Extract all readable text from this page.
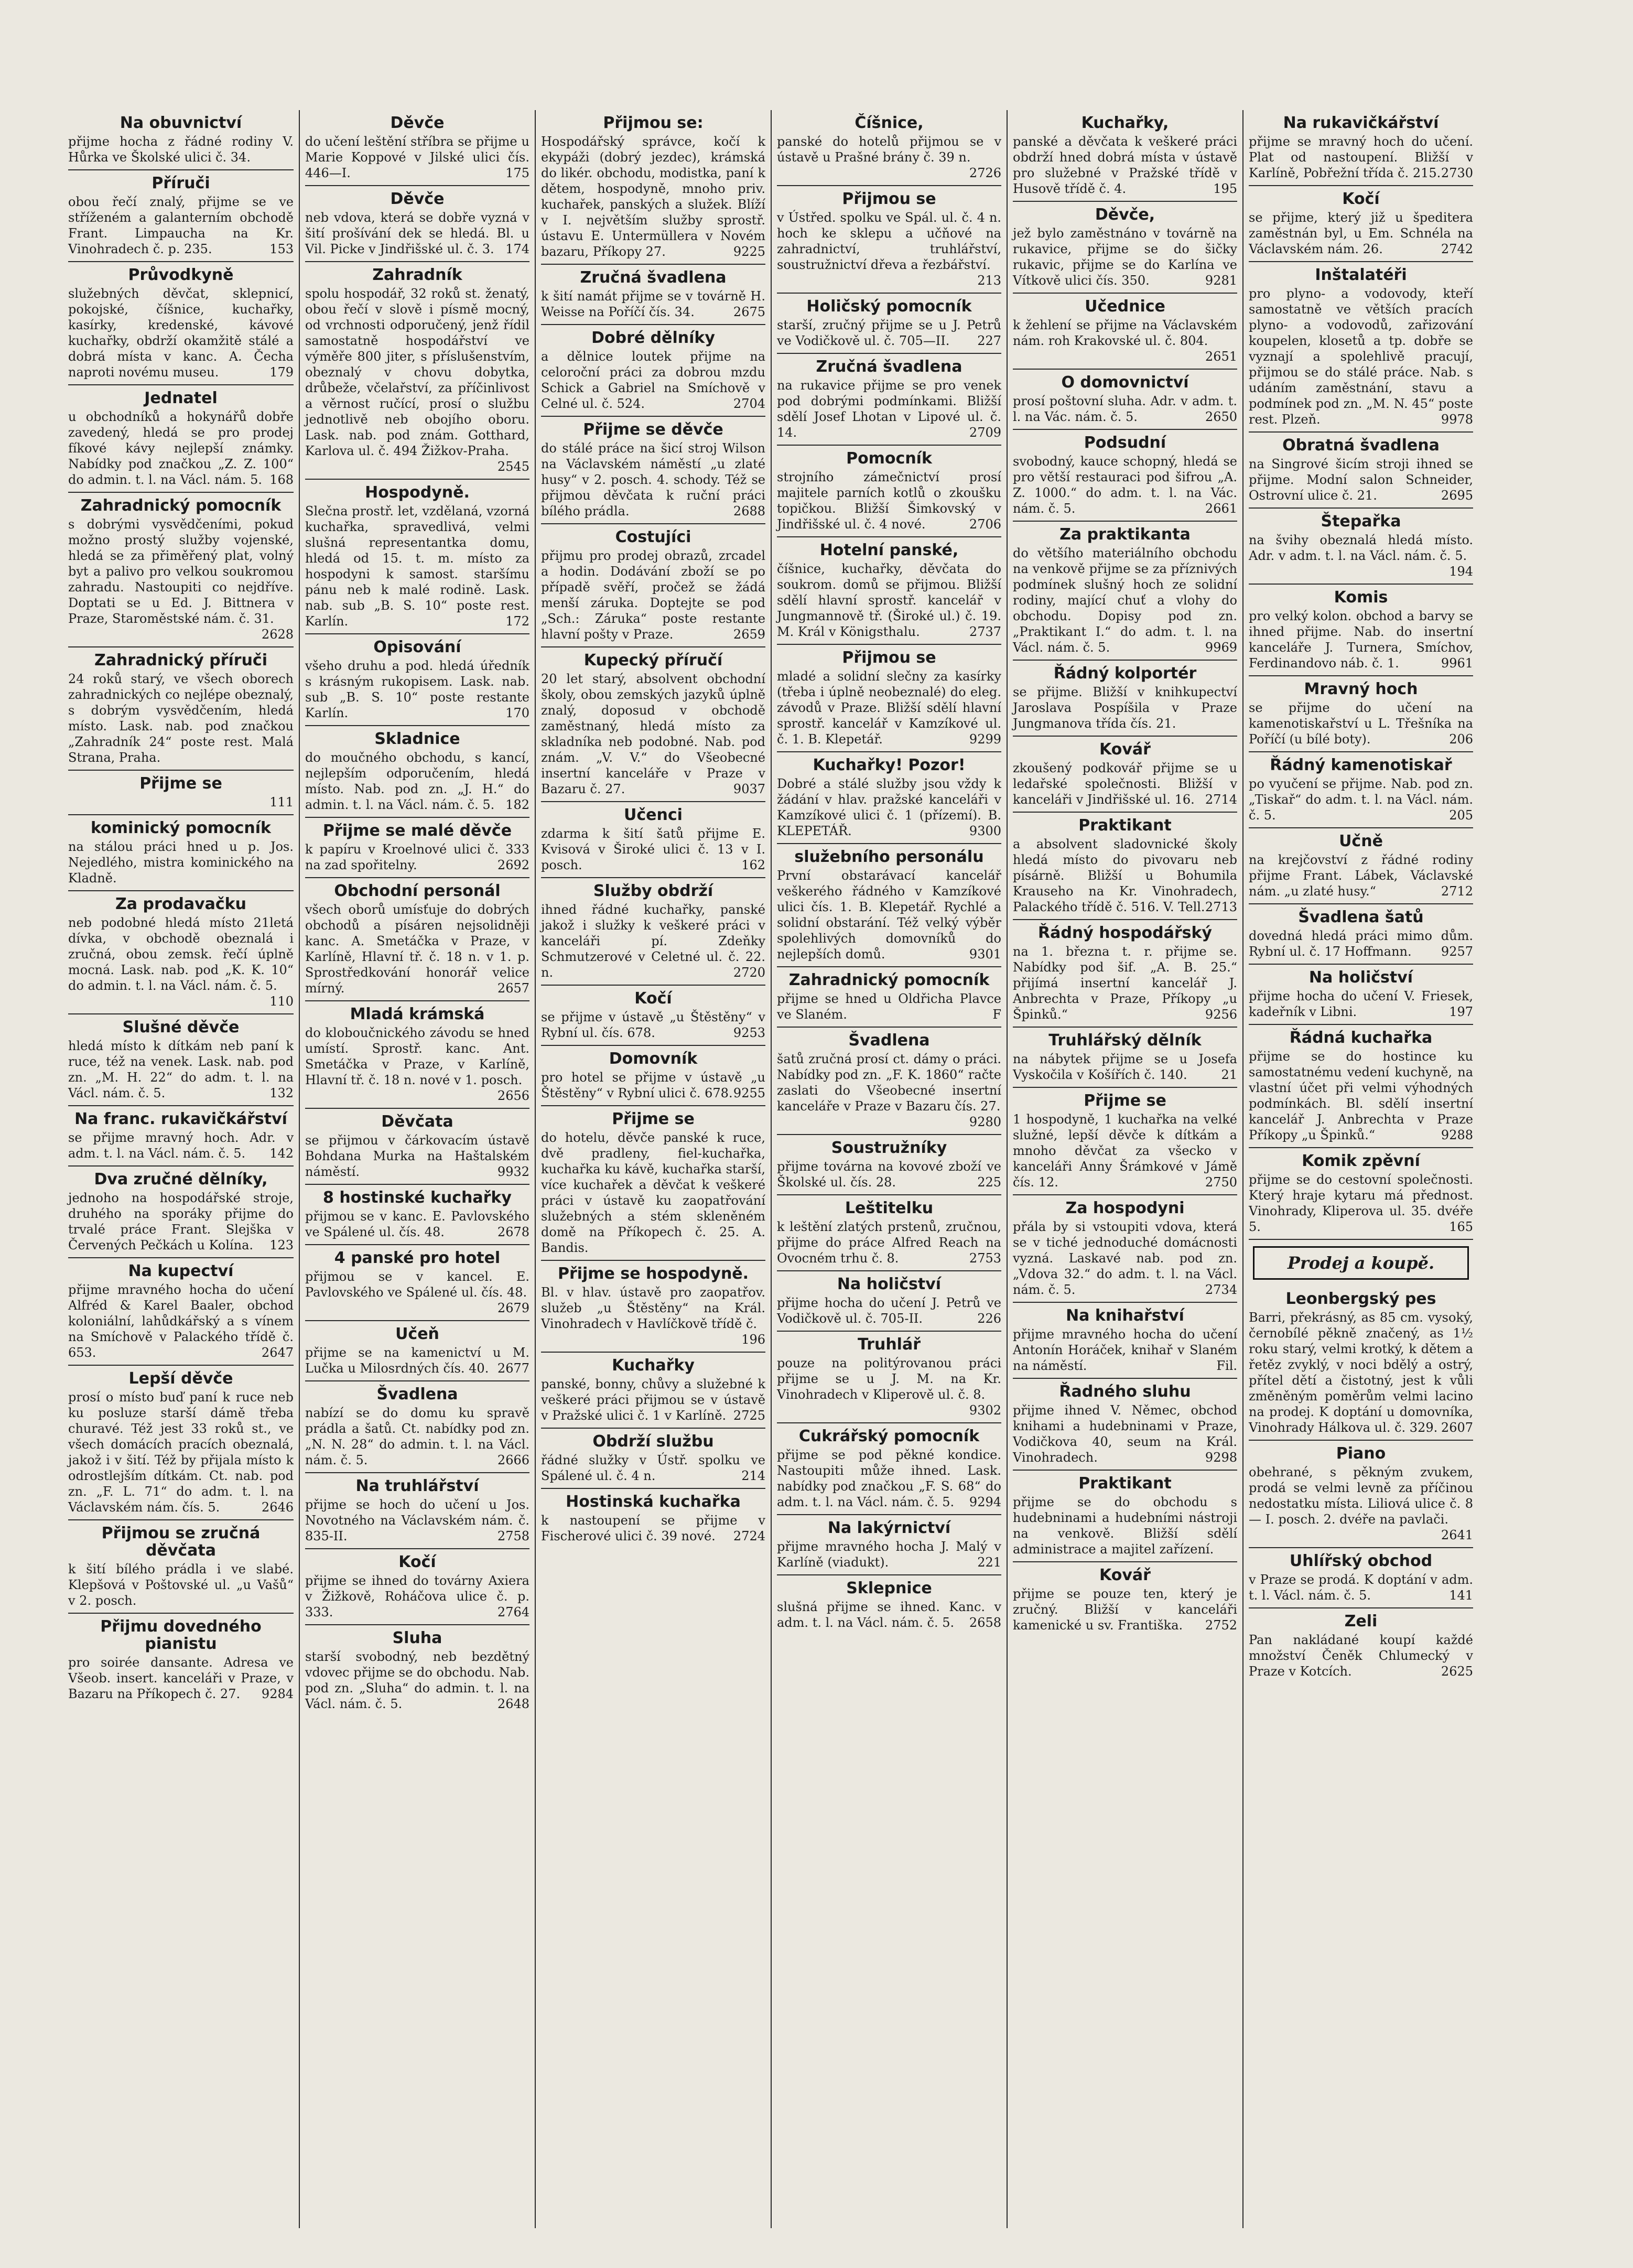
Na obuvnictví

přijme hocha z řádné rodiny V. Hůrka ve Školské ulici č. 34.

Příruči

obou řečí znalý, přijme se ve stříženém a galanterním obchodě Frant. Limpaucha na Kr. Vinohradech č. p. 235.	153

Průvodkyně

služebných děvčat, sklepnicí, pokojské, číšnice, kuchařky, kasírky, kredenské, kávové kuchařky, obdrží okamžitě stálé a dobrá místa v kanc. A. Čecha naproti novému museu.	179

Jednatel

u obchodníků a hokynářů dobře zavedený, hledá se pro prodej fíkové kávy nejlepší známky. Nabídky pod značkou „Z. Z. 100“ do admin. t. l. na Václ. nám. 5. 168

Zahradnický pomocník

s dobrými vysvědčeními, pokud možno prostý služby vojenské, hledá se za přiměřený plat, volný byt a palivo pro velkou soukromou zahradu. Nastoupiti co nejdříve. Doptati se u Ed. J. Bittnera v Praze, Staroměstské nám. č. 31.
2628

Zahradnický příruči

24 roků starý, ve všech oborech zahradnických co nejlépe obeznalý, s dobrým vysvědčením, hledá místo. Lask. nab. pod značkou „Zahradník 24“ poste rest. Malá Strana, Praha.

Přijme se

111

kominický pomocník

na stálou práci hned u p. Jos. Nejedlého, mistra kominického na Kladně.

Za prodavačku

neb podobné hledá místo 21letá dívka, v obchodě obeznalá i zručná, obou zemsk. řečí úplně mocná. Lask. nab. pod „K. K. 10“ do admin. t. l. na Václ. nám. č. 5.
110

Slušné děvče

hledá místo k dítkám neb paní k ruce, též na venek. Lask. nab. pod zn. „M. H. 22“ do adm. t. l. na Václ. nám. č. 5.	132

Na franc. rukavičkářství

se přijme mravný hoch. Adr. v adm. t. l. na Václ. nám. č. 5. 142

Dva zručné dělníky,

jednoho na hospodářské stroje, druhého na sporáky přijme do trvalé práce Frant. Slejška v Červených Pečkách u Kolína. 123

Na kupectví

přijme mravného hocha do učení Alfréd & Karel Baaler, obchod koloniální, lahůdkářský a s vínem na Smíchově v Palackého třídě č. 653.	2647

Lepší děvče

prosí o místo buď paní k ruce neb ku posluze starší dámě třeba churavé. Též jest 33 roků st., ve všech domácích pracích obeznalá, jakož i v šití. Též by přijala místo k odrostlejším dítkám. Ct. nab. pod zn. „F. L. 71“ do adm. t. l. na Václavském nám. čís. 5.	2646

Přijmou se zručná děvčata

k šití bílého prádla i ve slabé. Klepšová v Poštovské ul. „u Vašů“ v 2. posch.

Přijmu dovedného pianistu

pro soirée dansante. Adresa ve Všeob. insert. kanceláři v Praze, v Bazaru na Příkopech č. 27. 9284

Děvče

do učení leštění stříbra se přijme u Marie Koppové v Jilské ulici čís. 446—I.	175

Děvče

neb vdova, která se dobře vyzná v šití prošívání dek se hledá. Bl. u Vil. Picke v Jindřišské ul. č. 3. 174

Zahradník

spolu hospodář, 32 roků st. ženatý, obou řečí v slově i písmě mocný, od vrchnosti odporučený, jenž řídil samostatně hospodářství ve výměře 800 jiter, s příslušenstvím, obeznalý v chovu dobytka, drůbeže, včelařství, za příčinlivost a věrnost ručící, prosí o službu jednotlivě neb obojího oboru. Lask. nab. pod znám. Gotthard, Karlova ul. č. 494 Žižkov-Praha.
2545

Hospodyně.

Slečna prostř. let, vzdělaná, vzorná kuchařka, spravedlivá, velmi slušná representantka domu, hledá od 15. t. m. místo za hospodyni k samost. staršímu pánu neb k malé rodině. Lask. nab. sub „B. S. 10“ poste rest. Karlín.	172

Opisování

všeho druhu a pod. hledá úředník s krásným rukopisem. Lask. nab. sub „B. S. 10“ poste restante Karlín.	170

Skladnice

do moučného obchodu, s kancí, nejlepším odporučením, hledá místo. Nab. pod zn. „J. H.“ do admin. t. l. na Václ. nám. č. 5. 182

Přijme se malé děvče

k papíru v Kroelnové ulici č. 333 na zad spořitelny.	2692

Obchodní personál

všech oborů umísťuje do dobrých obchodů a písáren nejsolidněji kanc. A. Smetáčka v Praze, v Karlíně, Hlavní tř. č. 18 n. v 1. p. Sprostředkování honorář velice mírný.	2657

Mladá krámská

do kloboučnického závodu se hned umístí. Sprostř. kanc. Ant. Smetáčka v Praze, v Karlíně, Hlavní tř. č. 18 n. nové v 1. posch.
2656

Děvčata

se přijmou v čárkovacím ústavě Bohdana Murka na Haštalském náměstí.	9932

8 hostinské kuchařky

přijmou se v kanc. E. Pavlovského ve Spálené ul. čís. 48.	2678

4 panské pro hotel

přijmou se v kancel. E. Pavlovského ve Spálené ul. čís. 48.
2679

Učeň

přijme se na kamenictví u M. Lučka u Milosrdných čís. 40. 2677

Švadlena

nabízí se do domu ku spravě prádla a šatů. Ct. nabídky pod zn. „N. N. 28“ do admin. t. l. na Václ. nám. č. 5.	2666

Na truhlářství

přijme se hoch do učení u Jos. Novotného na Václavském nám. č. 835-II.	2758

Kočí

přijme se ihned do továrny Axiera v Žižkově, Roháčova ulice č. p. 333.	2764

Sluha

starší svobodný, neb bezdětný vdovec přijme se do obchodu. Nab. pod zn. „Sluha“ do admin. t. l. na Václ. nám. č. 5.	2648

Přijmou se:

Hospodářský správce, kočí k ekypáži (dobrý jezdec), krámská do likér. obchodu, modistka, paní k dětem, hospodyně, mnoho priv. kuchařek, panských a služek. Blíží v I. největším služby sprostř. ústavu E. Untermüllera v Novém bazaru, Příkopy 27.	9225

Zručná švadlena

k šití namát přijme se v továrně H. Weisse na Poříčí čís. 34.	2675

Dobré dělníky

a dělnice loutek přijme na celoroční práci za dobrou mzdu Schick a Gabriel na Smíchově v Celné ul. č. 524.	2704

Přijme se děvče

do stálé práce na šicí stroj Wilson na Václavském náměstí „u zlaté husy“ v 2. posch. 4. schody. Též se přijmou děvčata k ruční práci bílého prádla.	2688

Costujíci

přijmu pro prodej obrazů, zrcadel a hodin. Dodávání zboží se po případě svěří, pročež se žádá menší záruka. Doptejte se pod „Sch.: Záruka“ poste restante hlavní pošty v Praze.	2659

Kupecký příručí

20 let starý, absolvent obchodní školy, obou zemských jazyků úplně znalý, doposud v obchodě zaměstnaný, hledá místo za skladníka neb podobné. Nab. pod znám. „V. V.“ do Všeobecné insertní kanceláře v Praze v Bazaru č. 27.	9037

Učenci

zdarma k šití šatů přijme E. Kvisová v Široké ulici č. 13 v I. posch.	162

Služby obdrží

ihned řádné kuchařky, panské jakož i služky k veškeré práci v kanceláři pí. Zdeňky Schmutzerové v Celetné ul. č. 22. n.	2720

Kočí

se přijme v ústavě „u Štěstěny“ v Rybní ul. čís. 678.	9253

Domovník

pro hotel se přijme v ústavě „u Štěstěny“ v Rybní ulici č. 678. 9255

Přijme se

do hotelu, děvče panské k ruce, dvě pradleny, fiel-kuchařka, kuchařka ku kávě, kuchařka starší, více kuchařek a děvčat k veškeré práci v ústavě ku zaopatřování služebných a stém skleněném domě na Příkopech č. 25. A. Bandis.

Přijme se hospodyně.

Bl. v hlav. ústavě pro zaopatřov. služeb „u Štěstěny“ na Král. Vinohradech v Havlíčkově třídě č.
196

Kuchařky

panské, bonny, chůvy a služebné k veškeré práci přijmou se v ústavě v Pražské ulici č. 1 v Karlíně. 2725

Obdrží službu

řádné služky v Ústř. spolku ve Spálené ul. č. 4 n.	214

Hostinská kuchařka

k nastoupení se přijme v Fischerové ulici č. 39 nové. 2724

Číšnice,

panské do hotelů přijmou se v ústavě u Prašné brány č. 39 n.
2726

Přijmou se

v Ústřed. spolku ve Spál. ul. č. 4 n. hoch ke sklepu a učňové na zahradnictví, truhlářství, soustružnictví dřeva a řezbářství.
213

Holičský pomocník

starší, zručný přijme se u J. Petrů ve Vodičkově ul. č. 705—II. 227

Zručná švadlena

na rukavice přijme se pro venek pod dobrými podmínkami. Bližší sdělí Josef Lhotan v Lipové ul. č. 14.	2709

Pomocník

strojního zámečnictví prosí majitele parních kotlů o zkoušku topičkou. Bližší Šimkovský v Jindřišské ul. č. 4 nové.	2706

Hotelní panské,

číšnice, kuchařky, děvčata do soukrom. domů se přijmou. Bližší sdělí hlavní sprostř. kancelář v Jungmannově tř. (Široké ul.) č. 19. M. Král v Königsthalu.	2737

Přijmou se

mladé a solidní slečny za kasírky (třeba i úplně neobeznalé) do eleg. závodů v Praze. Bližší sdělí hlavní sprostř. kancelář v Kamzíkové ul. č. 1. B. Klepetář.	9299

Kuchařky! Pozor!

Dobré a stálé služby jsou vždy k žádání v hlav. pražské kanceláři v Kamzíkové ulici č. 1 (přízemí). B. KLEPETÁŘ.	9300

služebního personálu

První obstarávací kancelář veškerého řádného v Kamzíkové ulici čís. 1. B. Klepetář. Rychlé a solidní obstarání. Též velký výběr spolehlivých domovníků do nejlepších domů.	9301

Zahradnický pomocník

přijme se hned u Oldřicha Plavce ve Slaném.	F

Švadlena

šatů zručná prosí ct. dámy o práci. Nabídky pod zn. „F. K. 1860“ račte zaslati do Všeobecné insertní kanceláře v Praze v Bazaru čís. 27.
9280

Soustružníky

přijme továrna na kovové zboží ve Školské ul. čís. 28.	225

Leštitelku

k leštění zlatých prstenů, zručnou, přijme do práce Alfred Reach na Ovocném trhu č. 8.	2753

Na holičství

přijme hocha do učení J. Petrů ve Vodičkově ul. č. 705-II.	226

Truhlář

pouze na politýrovanou práci přijme se u J. M. na Kr. Vinohradech v Kliperově ul. č. 8.
9302

Cukrářský pomocník

přijme se pod pěkné kondice. Nastoupiti může ihned. Lask. nabídky pod značkou „F. S. 68“ do adm. t. l. na Václ. nám. č. 5. 9294

Na lakýrnictví

přijme mravného hocha J. Malý v Karlíně (viadukt).	221

Sklepnice

slušná přijme se ihned. Kanc. v adm. t. l. na Václ. nám. č. 5. 2658

Kuchařky,

panské a děvčata k veškeré práci obdrží hned dobrá místa v ústavě pro služebné v Pražské třídě v Husově třídě č. 4.	195

Děvče,

jež bylo zaměstnáno v továrně na rukavice, přijme se do šičky rukavic, přijme se do Karlína ve Vítkově ulici čís. 350.	9281

Učednice

k žehlení se přijme na Václavském nám. roh Krakovské ul. č. 804.
2651

O domovnictví

prosí poštovní sluha. Adr. v adm. t. l. na Vác. nám. č. 5.	2650

Podsudní

svobodný, kauce schopný, hledá se pro větší restauraci pod šifrou „A. Z. 1000.“ do adm. t. l. na Vác. nám. č. 5.	2661

Za praktikanta

do většího materiálního obchodu na venkově přijme se za příznivých podmínek slušný hoch ze solidní rodiny, mající chuť a vlohy do obchodu. Dopisy pod zn. „Praktikant I.“ do adm. t. l. na Václ. nám. č. 5.	9969

Řádný kolportér

se přijme. Bližší v knihkupectví Jaroslava Pospíšila v Praze Jungmanova třída čís. 21.

Kovář

zkoušený podkovář přijme se u ledařské společnosti. Bližší v kanceláři v Jindřišské ul. 16. 2714

Praktikant

a absolvent sladovnické školy hledá místo do pivovaru neb písárně. Bližší u Bohumila Krauseho na Kr. Vinohradech, Palackého třídě č. 516. V. Tell. 2713

Řádný hospodářský

na 1. března t. r. přijme se. Nabídky pod šif. „A. B. 25.“ přijímá insertní kancelář J. Anbrechta v Praze, Příkopy „u Špinků.“	9256

Truhlářský dělník

na nábytek přijme se u Josefa Vyskočila v Košířích č. 140.	21

Přijme se

1 hospodyně, 1 kuchařka na velké služné, lepší děvče k dítkám a mnoho děvčat za všecko v kanceláři Anny Šrámkové v Jámě čís. 12.	2750

Za hospodyni

přála by si vstoupiti vdova, která se v tiché jednoduché domácnosti vyzná. Laskavé nab. pod zn. „Vdova 32.“ do adm. t. l. na Václ. nám. č. 5.	2734

Na knihařství

přijme mravného hocha do učení Antonín Horáček, knihař v Slaném na náměstí.	Fil.

Řadného sluhu

přijme ihned V. Němec, obchod knihami a hudebninami v Praze, Vodičkova 40, seum na Král. Vinohradech.	9298

Praktikant

přijme se do obchodu s hudebninami a hudebními nástroji na venkově. Bližší sdělí administrace a majitel zařízení.

Kovář

přijme se pouze ten, který je zručný. Bližší v kanceláři kamenické u sv. Františka. 2752

Na rukavičkářství

přijme se mravný hoch do učení. Plat od nastoupení. Bližší v Karlíně, Pobřežní třída č. 215. 2730

Kočí

se přijme, který již u špeditera zaměstnán byl, u Em. Schnéla na Václavském nám. 26.	2742

Inštalatéři

pro plyno- a vodovody, kteří samostatně ve větších pracích plyno- a vodovodů, zařizování koupelen, klosetů a tp. dobře se vyznají a spolehlivě pracují, přijmou se do stálé práce. Nab. s udáním zaměstnání, stavu a podmínek pod zn. „M. N. 45“ poste rest. Plzeň.	9978

Obratná švadlena

na Singrové šicím stroji ihned se přijme. Modní salon Schneider, Ostrovní ulice č. 21.	2695

Štepařka

na švihy obeznalá hledá místo. Adr. v adm. t. l. na Václ. nám. č. 5.
194

Komis

pro velký kolon. obchod a barvy se ihned přijme. Nab. do insertní kanceláře J. Turnera, Smíchov, Ferdinandovo náb. č. 1.	9961

Mravný hoch

se přijme do učení na kamenotiskařství u L. Třešníka na Poříčí (u bílé boty).	206

Řádný kamenotiskař

po vyučení se přijme. Nab. pod zn. „Tiskař“ do adm. t. l. na Václ. nám. č. 5.	205

Učně

na krejčovství z řádné rodiny přijme Frant. Lábek, Václavské nám. „u zlaté husy.“	2712

Švadlena šatů

dovedná hledá práci mimo dům. Rybní ul. č. 17 Hoffmann. 9257

Na holičství

přijme hocha do učení V. Friesek, kadeřník v Libni.	197

Řádná kuchařka

přijme se do hostince ku samostatnému vedení kuchyně, na vlastní účet při velmi výhodných podmínkách. Bl. sdělí insertní kancelář J. Anbrechta v Praze Příkopy „u Špinků.“	9288

Komik zpěvní

přijme se do cestovní společnosti. Který hraje kytaru má přednost. Vinohrady, Kliperova ul. 35. dvéře 5.	165

Prodej a koupě.
Leonbergský pes

Barri, překrásný, as 85 cm. vysoký, černobílé pěkně značený, as 1½ roku starý, velmi krotký, k dětem a řetěz zvyklý, v noci bdělý a ostrý, přítel dětí a čistotný, jest k vůli změněným poměrům velmi lacino na prodej. K doptání u domovníka, Vinohrady Hálkova ul. č. 329. 2607

Piano

obehrané, s pěkným zvukem, prodá se velmi levně za příčinou nedostatku místa. Liliová ulice č. 8 — I. posch. 2. dvéře na pavlači.
2641

Uhlířský obchod

v Praze se prodá. K doptání v adm. t. l. Václ. nám. č. 5.	141

Zeli

Pan nakládané koupí každé množství Čeněk Chlumecký v Praze v Kotcích.	2625
